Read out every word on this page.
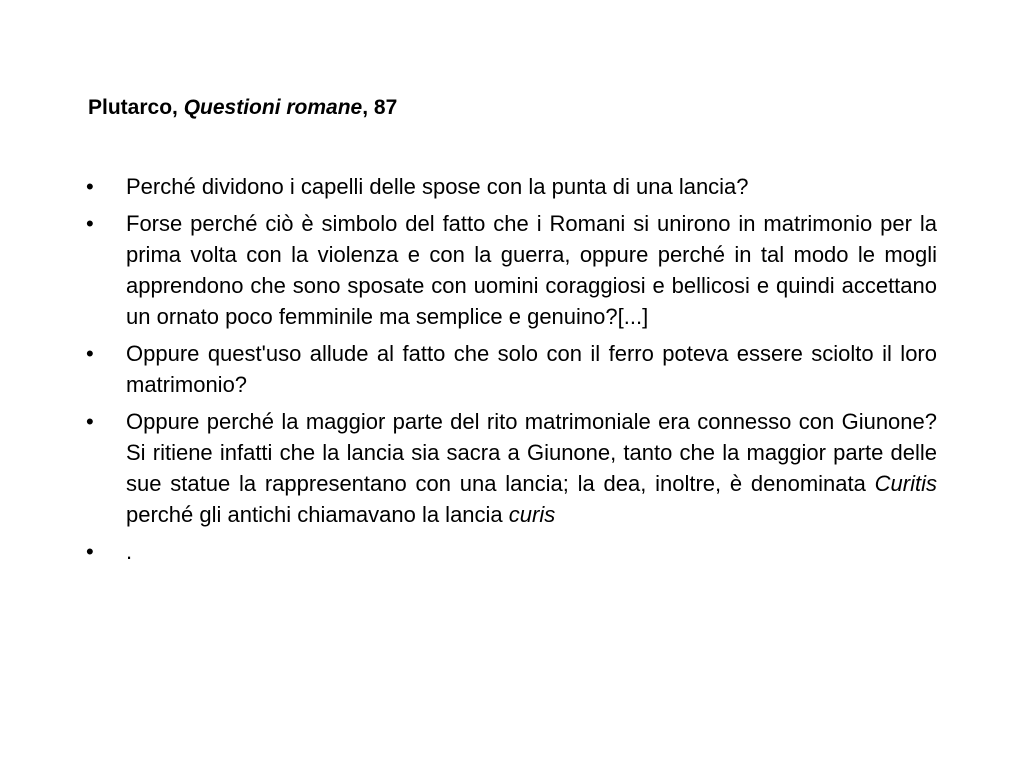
Plutarco, Questioni romane, 87
•	Perché dividono i capelli delle spose con la punta di una lancia?
•	Forse perché ciò è simbolo del fatto che i Romani si unirono in matrimonio per la prima volta con la violenza e con la guerra, oppure perché in tal modo le mogli apprendono che sono sposate con uomini coraggiosi e bellicosi e quindi accettano un ornato poco femminile ma semplice e genuino?[...]
•	Oppure quest'uso allude al fatto che solo con il ferro poteva essere sciolto il loro matrimonio?
•	Oppure perché la maggior parte del rito matrimoniale era connesso con Giunone? Si ritiene infatti che la lancia sia sacra a Giunone, tanto che la maggior parte delle sue statue la rappresentano con una lancia; la dea, inoltre, è denominata Curitis perché gli antichi chiamavano la lancia curis
•	.
